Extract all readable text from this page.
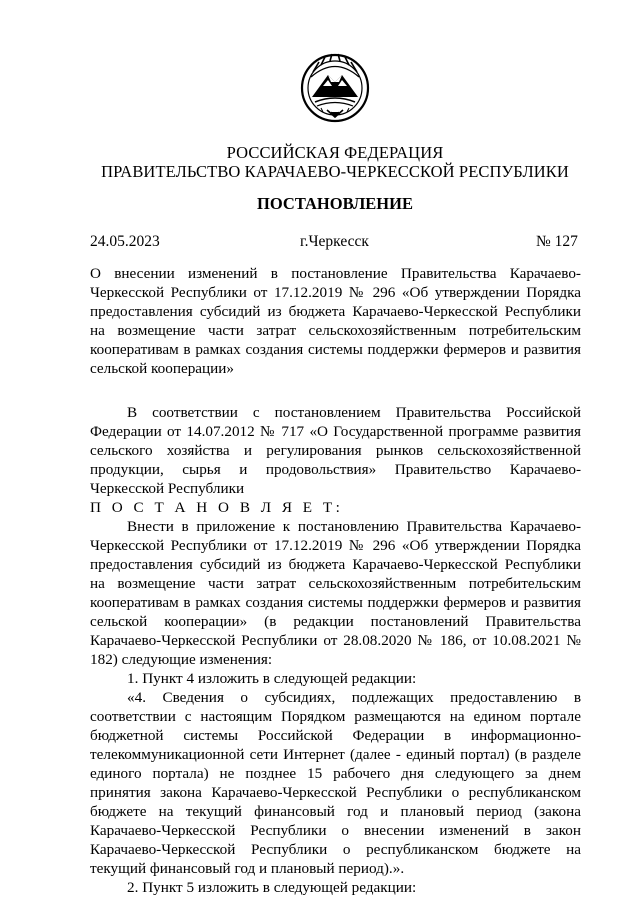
РОССИЙСКАЯ ФЕДЕРАЦИЯ
ПРАВИТЕЛЬСТВО КАРАЧАЕВО-ЧЕРКЕССКОЙ РЕСПУБЛИКИ
ПОСТАНОВЛЕНИЕ
24.05.2023	г.Черкесск	№ 127

О внесении изменений в постановление Правительства Карачаево-Черкесской Республики от 17.12.2019 № 296 «Об утверждении Порядка предоставления субсидий из бюджета Карачаево-Черкесской Республики на возмещение части затрат сельскохозяйственным потребительским кооперативам в рамках создания системы поддержки фермеров и развития сельской кооперации»

В соответствии с постановлением Правительства Российской Федерации от 14.07.2012 № 717 «О Государственной программе развития сельского хозяйства и регулирования рынков сельскохозяйственной продукции, сырья и продовольствия» Правительство Карачаево-Черкесской Республики

П О С Т А Н О В Л Я Е Т:

Внести в приложение к постановлению Правительства Карачаево-Черкесской Республики от 17.12.2019 № 296 «Об утверждении Порядка предоставления субсидий из бюджета Карачаево-Черкесской Республики на возмещение части затрат сельскохозяйственным потребительским кооперативам в рамках создания системы поддержки фермеров и развития сельской кооперации» (в редакции постановлений Правительства Карачаево-Черкесской Республики от 28.08.2020 № 186, от 10.08.2021 № 182) следующие изменения:

1. Пункт 4 изложить в следующей редакции:

«4. Сведения о субсидиях, подлежащих предоставлению в соответствии с настоящим Порядком размещаются на едином портале бюджетной системы Российской Федерации в информационно-телекоммуникационной сети Интернет (далее - единый портал) (в разделе единого портала) не позднее 15 рабочего дня следующего за днем принятия закона Карачаево-Черкесской Республики о республиканском бюджете на текущий финансовый год и плановый период (закона Карачаево-Черкесской Республики о внесении изменений в закон Карачаево-Черкесской Республики о республиканском бюджете на текущий финансовый год и плановый период).».

2. Пункт 5 изложить в следующей редакции:
